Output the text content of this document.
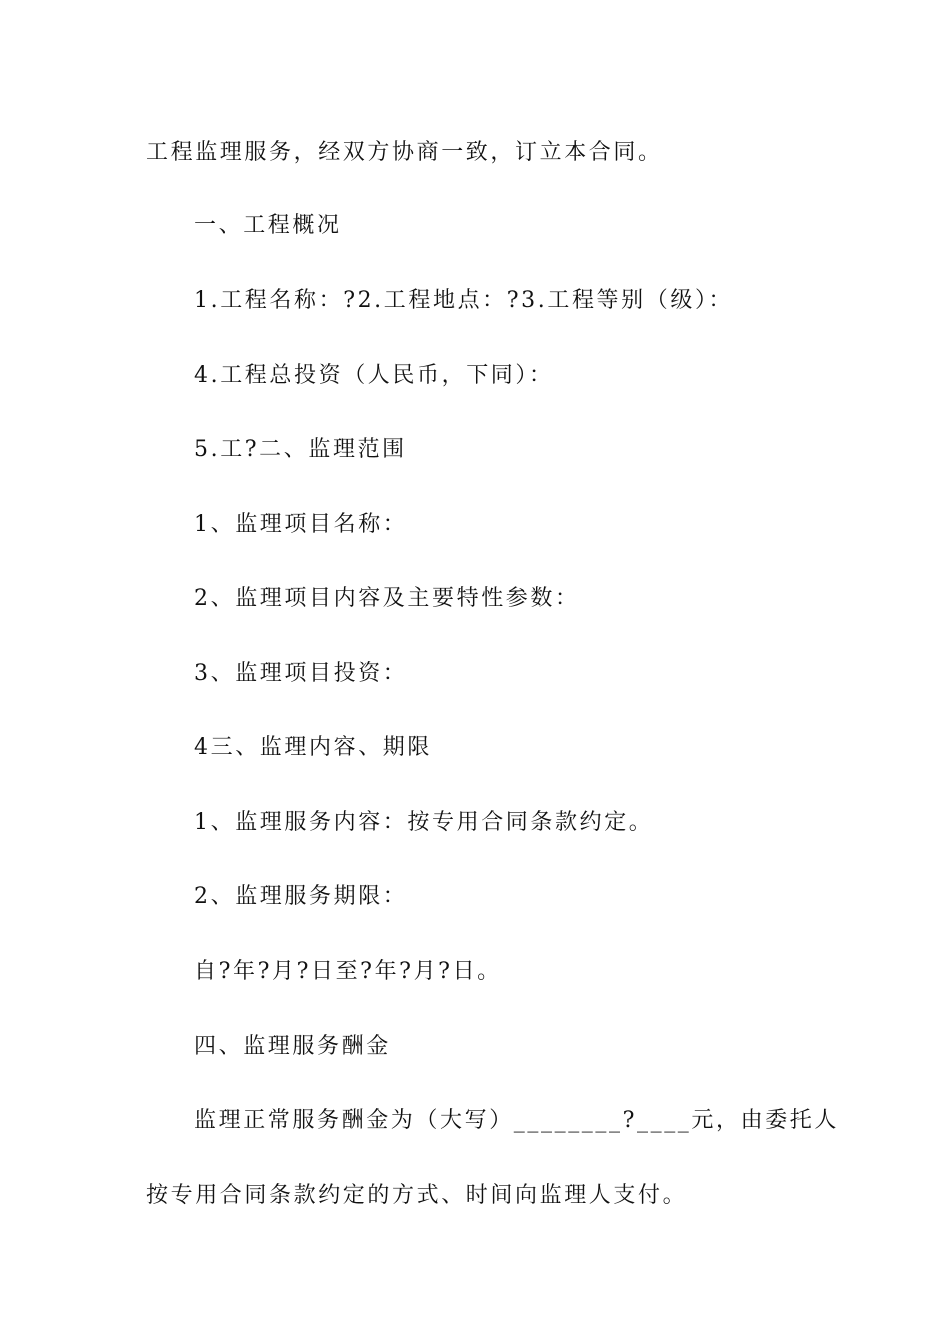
工程监理服务，经双方协商一致，订立本合同。
一、工程概况
1.工程名称：?2.工程地点：?3.工程等别（级）：
4.工程总投资（人民币，下同）：
5.工?二、监理范围
1、监理项目名称：
2、监理项目内容及主要特性参数：
3、监理项目投资：
4三、监理内容、期限
1、监理服务内容：按专用合同条款约定。
2、监理服务期限：
自?年?月?日至?年?月?日。
四、监理服务酬金
监理正常服务酬金为（大写）________?____元，由委托人
按专用合同条款约定的方式、时间向监理人支付。
